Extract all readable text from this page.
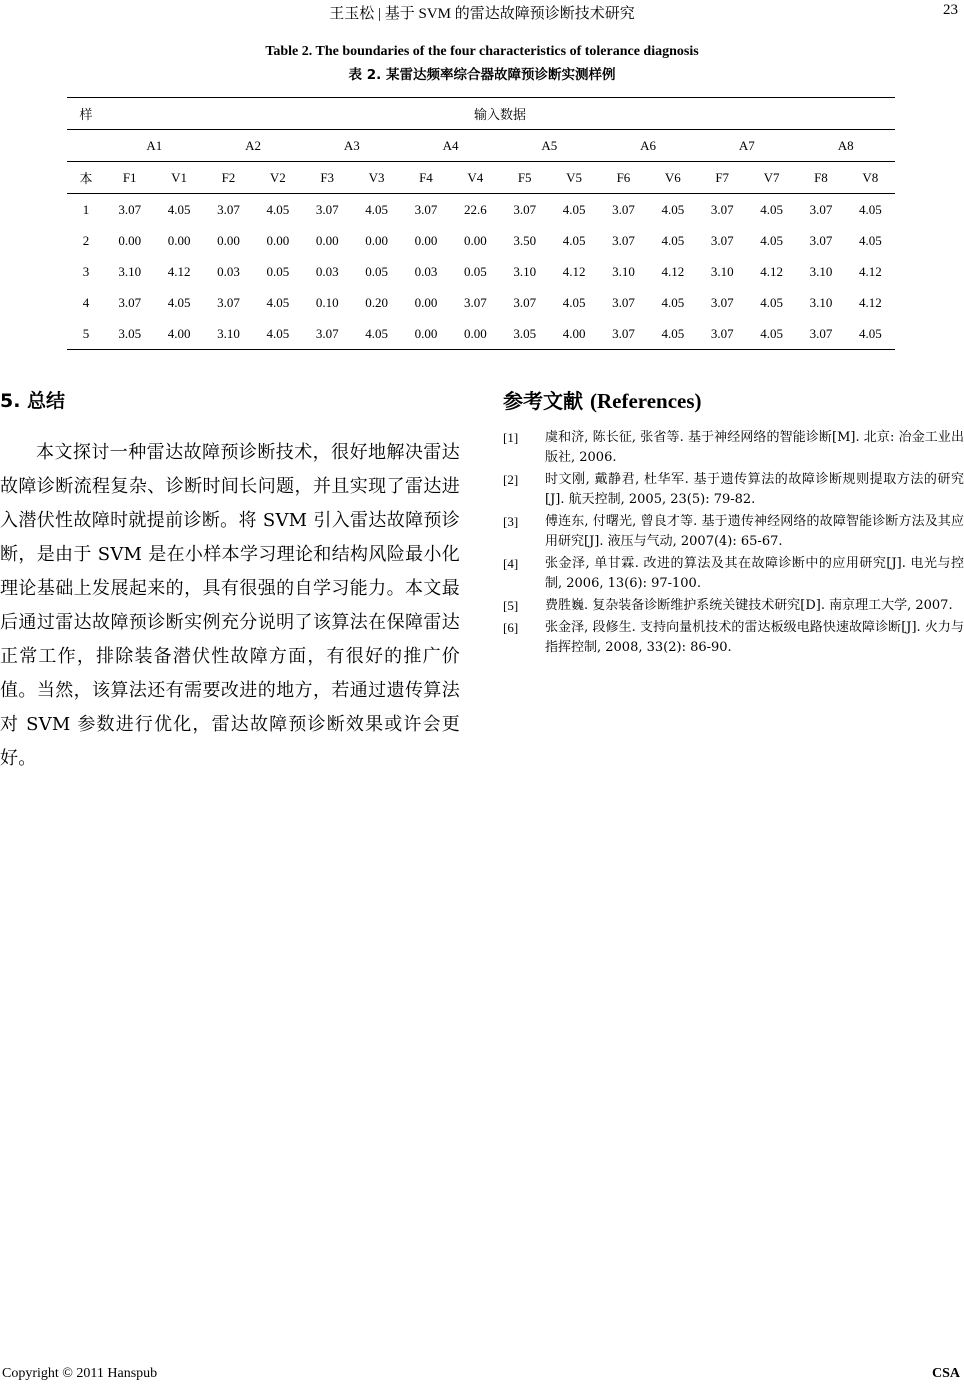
王玉松 | 基于 SVM 的雷达故障预诊断技术研究	23
Table 2. The boundaries of the four characteristics of tolerance diagnosis
表 2. 某雷达频率综合器故障预诊断实测样例
样	输入数据															
	A1		A2		A3		A4		A5		A6		A7		A8	
本	F1	V1	F2	V2	F3	V3	F4	V4	F5	V5	F6	V6	F7	V7	F8	V8
1	3.07	4.05	3.07	4.05	3.07	4.05	3.07	22.6	3.07	4.05	3.07	4.05	3.07	4.05	3.07	4.05
2	0.00	0.00	0.00	0.00	0.00	0.00	0.00	0.00	3.50	4.05	3.07	4.05	3.07	4.05	3.07	4.05
3	3.10	4.12	0.03	0.05	0.03	0.05	0.03	0.05	3.10	4.12	3.10	4.12	3.10	4.12	3.10	4.12
4	3.07	4.05	3.07	4.05	0.10	0.20	0.00	3.07	3.07	4.05	3.07	4.05	3.07	4.05	3.10	4.12
5	3.05	4.00	3.10	4.05	3.07	4.05	0.00	0.00	3.05	4.00	3.07	4.05	3.07	4.05	3.07	4.05
5. 总结

本文探讨一种雷达故障预诊断技术，很好地解决雷达故障诊断流程复杂、诊断时间长问题，并且实现了雷达进入潜伏性故障时就提前诊断。将 SVM 引入雷达故障预诊断，是由于 SVM 是在小样本学习理论和结构风险最小化理论基础上发展起来的，具有很强的自学习能力。本文最后通过雷达故障预诊断实例充分说明了该算法在保障雷达正常工作，排除装备潜伏性故障方面，有很好的推广价值。当然，该算法还有需要改进的地方，若通过遗传算法对 SVM 参数进行优化，雷达故障预诊断效果或许会更好。

参考文献 (References)
[1]	虞和济, 陈长征, 张省等. 基于神经网络的智能诊断[M]. 北京: 冶金工业出版社, 2006.
[2]	时文刚, 戴静君, 杜华军. 基于遗传算法的故障诊断规则提取方法的研究[J]. 航天控制, 2005, 23(5): 79-82.
[3]	傅连东, 付曙光, 曾良才等. 基于遗传神经网络的故障智能诊断方法及其应用研究[J]. 液压与气动, 2007(4): 65-67.
[4]	张金泽, 单甘霖. 改进的算法及其在故障诊断中的应用研究[J]. 电光与控制, 2006, 13(6): 97-100.
[5]	费胜巍. 复杂装备诊断维护系统关键技术研究[D]. 南京理工大学, 2007.
[6]	张金泽, 段修生. 支持向量机技术的雷达板级电路快速故障诊断[J]. 火力与指挥控制, 2008, 33(2): 86-90.
Copyright © 2011 Hanspub	CSA
